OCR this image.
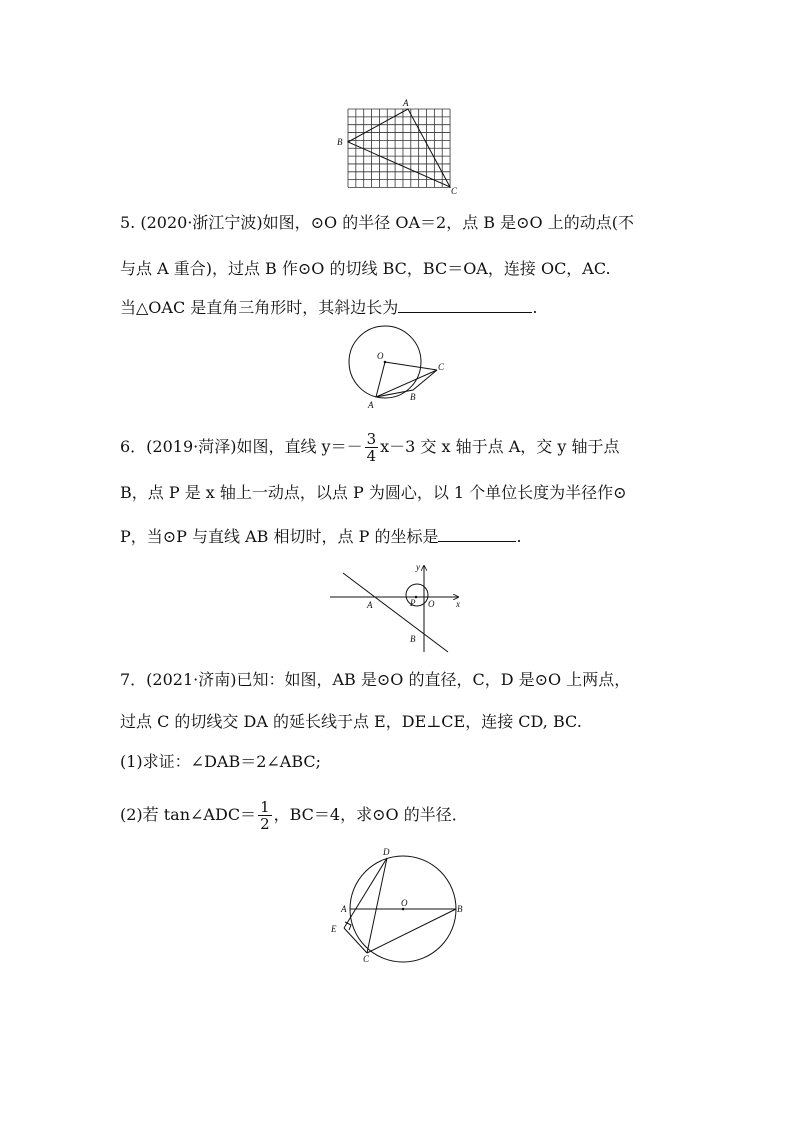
A
B
C
5. (2020·浙江宁波)如图，⊙O 的半径 OA＝2，点 B 是⊙O 上的动点(不
与点 A 重合)，过点 B 作⊙O 的切线 BC，BC＝OA，连接 OC，AC.
当△OAC 是直角三角形时，其斜边长为	.
O
A
B
C
6．(2019·菏泽)如图，直线 $y=- \frac{3}{4} x-3$ 交 x 轴于点 A，交 y 轴于点
B，点 P 是 x 轴上一动点，以点 P 为圆心，以 1 个单位长度为半径作⊙
P，当⊙P 与直线 AB 相切时，点 P 的坐标是	.
y
x
A	P O
B
7．(2021·济南)已知：如图，AB 是⊙O 的直径，C，D 是⊙O 上两点，
过点 C 的切线交 DA 的延长线于点 E，DE⊥CE，连接 CD, BC.
(1)求证：∠DAB＝2∠ABC;
(2)若 tan∠ADC＝ $\frac{1}{2}$ ，BC＝4，求⊙O 的半径．
D
A
O
B
E
C
